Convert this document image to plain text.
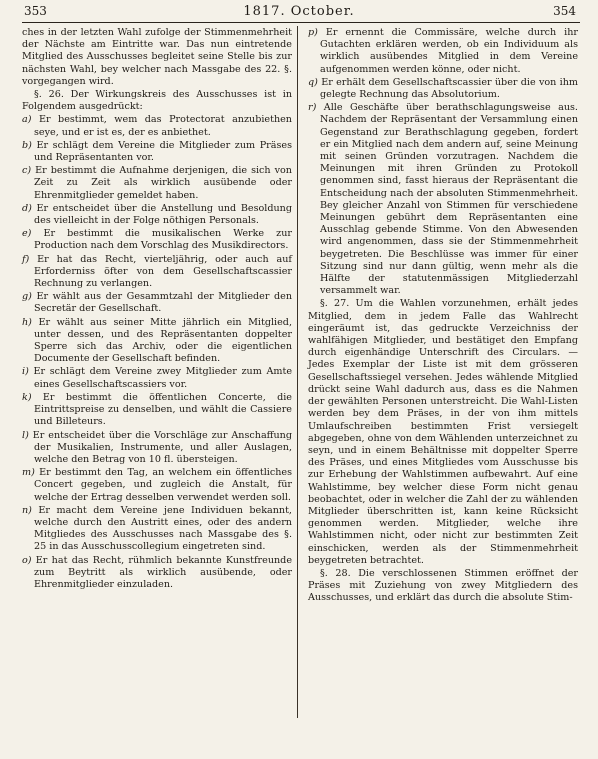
353	1817. October.	354

ches in der letzten Wahl zufolge der Stimmenmehrheit der Nächste am Eintritte war. Das nun eintretende Mitglied des Ausschusses begleitet seine Stelle bis zur nächsten Wahl, bey welcher nach Massgabe des 22. §. vorgegangen wird.

§. 26. Der Wirkungskreis des Ausschusses ist in Folgendem ausgedrückt:

a) Er bestimmt, wem das Protectorat anzubiethen seye, und er ist es, der es anbiethet.

b) Er schlägt dem Vereine die Mitglieder zum Präses und Repräsentanten vor.

c) Er bestimmt die Aufnahme derjenigen, die sich von Zeit zu Zeit als wirklich ausübende oder Ehrenmitglieder gemeldet haben.

d) Er entscheidet über die Anstellung und Besoldung des vielleicht in der Folge nöthigen Personals.

e) Er bestimmt die musikalischen Werke zur Production nach dem Vorschlag des Musikdirectors.

f) Er hat das Recht, vierteljährig, oder auch auf Erforderniss öfter von dem Gesellschaftscassier Rechnung zu verlangen.

g) Er wählt aus der Gesammtzahl der Mitglieder den Secretär der Gesellschaft.

h) Er wählt aus seiner Mitte jährlich ein Mitglied, unter dessen, und des Repräsentanten doppelter Sperre sich das Archiv, oder die eigentlichen Documente der Gesellschaft befinden.

i) Er schlägt dem Vereine zwey Mitglieder zum Amte eines Gesellschaftscassiers vor.

k) Er bestimmt die öffentlichen Concerte, die Eintrittspreise zu denselben, und wählt die Cassiere und Billeteurs.

l) Er entscheidet über die Vorschläge zur Anschaffung der Musikalien, Instrumente, und aller Auslagen, welche den Betrag von 10 fl. übersteigen.

m) Er bestimmt den Tag, an welchem ein öffentliches Concert gegeben, und zugleich die Anstalt, für welche der Ertrag desselben verwendet werden soll.

n) Er macht dem Vereine jene Individuen bekannt, welche durch den Austritt eines, oder des andern Mitgliedes des Ausschusses nach Massgabe des §. 25 in das Ausschusscollegium eingetreten sind.

o) Er hat das Recht, rühmlich bekannte Kunstfreunde zum Beytritt als wirklich ausübende, oder Ehrenmitglieder einzuladen.

p) Er ernennt die Commissäre, welche durch ihr Gutachten erklären werden, ob ein Individuum als wirklich ausübendes Mitglied in dem Vereine aufgenommen werden könne, oder nicht.

q) Er erhält dem Gesellschaftscassier über die von ihm gelegte Rechnung das Absolutorium.

r) Alle Geschäfte über berathschlagungsweise aus. Nachdem der Repräsentant der Versammlung einen Gegenstand zur Berathschlagung gegeben, fordert er ein Mitglied nach dem andern auf, seine Meinung mit seinen Gründen vorzutragen. Nachdem die Meinungen mit ihren Gründen zu Protokoll genommen sind, fasst hieraus der Repräsentant die Entscheidung nach der absoluten Stimmenmehrheit. Bey gleicher Anzahl von Stimmen für verschiedene Meinungen gebührt dem Repräsentanten eine Ausschlag gebende Stimme. Von den Abwesenden wird angenommen, dass sie der Stimmenmehrheit beygetreten. Die Beschlüsse was immer für einer Sitzung sind nur dann gültig, wenn mehr als die Hälfte der statutenmässigen Mitgliederzahl versammelt war.

§. 27. Um die Wahlen vorzunehmen, erhält jedes Mitglied, dem in jedem Falle das Wahlrecht eingeräumt ist, das gedruckte Verzeichniss der wahlfähigen Mitglieder, und bestätiget den Empfang durch eigenhändige Unterschrift des Circulars. — Jedes Exemplar der Liste ist mit dem grösseren Gesellschaftssiegel versehen. Jedes wählende Mitglied drückt seine Wahl dadurch aus, dass es die Nahmen der gewählten Personen unterstreicht. Die Wahl-Listen werden bey dem Präses, in der von ihm mittels Umlaufschreiben bestimmten Frist versiegelt abgegeben, ohne von dem Wählenden unterzeichnet zu seyn, und in einem Behältnisse mit doppelter Sperre des Präses, und eines Mitgliedes vom Ausschusse bis zur Erhebung der Wahlstimmen aufbewahrt. Auf eine Wahlstimme, bey welcher diese Form nicht genau beobachtet, oder in welcher die Zahl der zu wählenden Mitglieder überschritten ist, kann keine Rücksicht genommen werden. Mitglieder, welche ihre Wahlstimmen nicht, oder nicht zur bestimmten Zeit einschicken, werden als der Stimmenmehrheit beygetreten betrachtet.

§. 28. Die verschlossenen Stimmen eröffnet der Präses mit Zuziehung von zwey Mitgliedern des Ausschusses, und erklärt das durch die absolute Stim-
